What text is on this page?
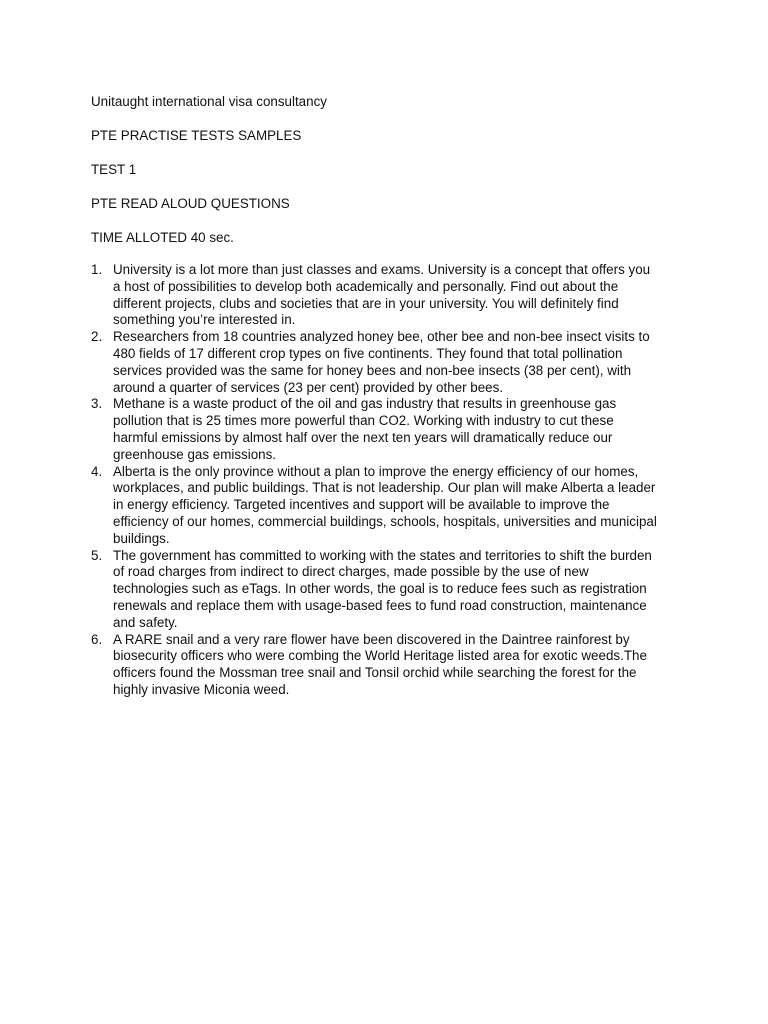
Unitaught international visa consultancy
PTE PRACTISE TESTS SAMPLES
TEST 1
PTE READ ALOUD QUESTIONS
TIME ALLOTED 40 sec.
1. University is a lot more than just classes and exams. University is a concept that offers you
a host of possibilities to develop both academically and personally. Find out about the
different projects, clubs and societies that are in your university. You will definitely find
something you’re interested in.
2. Researchers from 18 countries analyzed honey bee, other bee and non-bee insect visits to
480 fields of 17 different crop types on five continents. They found that total pollination
services provided was the same for honey bees and non-bee insects (38 per cent), with
around a quarter of services (23 per cent) provided by other bees.
3. Methane is a waste product of the oil and gas industry that results in greenhouse gas
pollution that is 25 times more powerful than CO2. Working with industry to cut these
harmful emissions by almost half over the next ten years will dramatically reduce our
greenhouse gas emissions.
4. Alberta is the only province without a plan to improve the energy efficiency of our homes,
workplaces, and public buildings. That is not leadership. Our plan will make Alberta a leader
in energy efficiency. Targeted incentives and support will be available to improve the
efficiency of our homes, commercial buildings, schools, hospitals, universities and municipal
buildings.
5. The government has committed to working with the states and territories to shift the burden
of road charges from indirect to direct charges, made possible by the use of new
technologies such as eTags. In other words, the goal is to reduce fees such as registration
renewals and replace them with usage-based fees to fund road construction, maintenance
and safety.
6. A RARE snail and a very rare flower have been discovered in the Daintree rainforest by
biosecurity officers who were combing the World Heritage listed area for exotic weeds.The
officers found the Mossman tree snail and Tonsil orchid while searching the forest for the
highly invasive Miconia weed.
